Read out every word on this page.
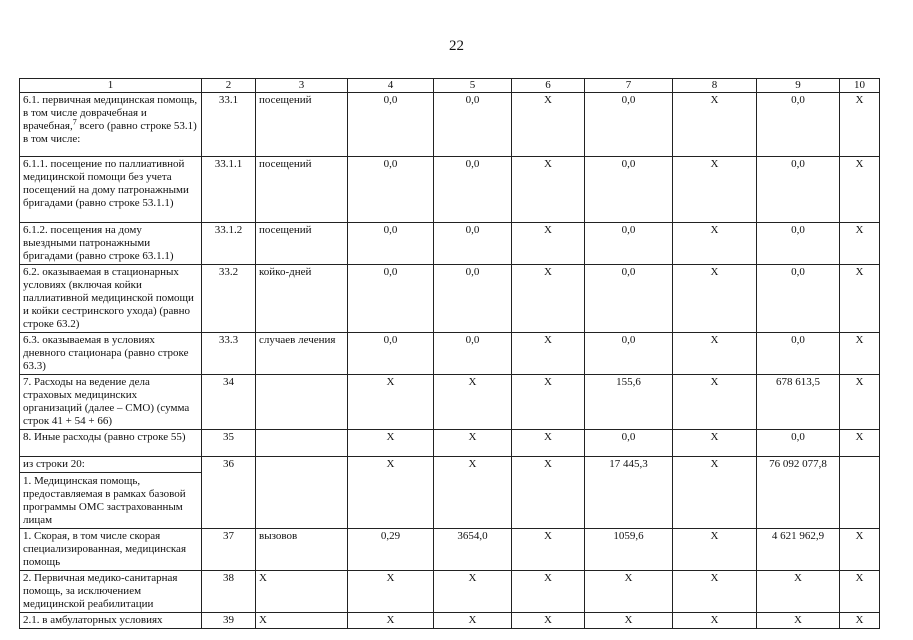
22
1	2	3	4	5	6	7	8	9	10
6.1. первичная медицинская помощь, в том числе доврачебная и врачебная,$^7$ всего (равно строке 53.1)
в том числе:	33.1	посещений	0,0	0,0	X	0,0	X	0,0	X
6.1.1. посещение по паллиативной медицинской помощи без учета посещений на дому патронажными бригадами (равно строке 53.1.1)	33.1.1	посещений	0,0	0,0	X	0,0	X	0,0	X
6.1.2. посещения на дому выездными патронажными бригадами (равно строке 63.1.1)	33.1.2	посещений	0,0	0,0	X	0,0	X	0,0	X
6.2. оказываемая в стационарных условиях (включая койки паллиативной медицинской помощи и койки сестринского ухода) (равно строке 63.2)	33.2	койко-дней	0,0	0,0	X	0,0	X	0,0	X
6.3. оказываемая в условиях дневного стационара (равно строке 63.3)	33.3	случаев лечения	0,0	0,0	X	0,0	X	0,0	X
7. Расходы на ведение дела страховых медицинских организаций (далее – СМО) (сумма строк 41 + 54 + 66)	34		X	X	X	155,6	X	678 613,5	X
8. Иные расходы (равно строке 55)	35		X	X	X	0,0	X	0,0	X

из строки 20:
1. Медицинская помощь, предоставляемая в рамках базовой программы ОМС застрахованным лицам	36		X	X	X	17 445,3	X	76 092 077,8	
1. Скорая, в том числе скорая специализированная, медицинская помощь	37	вызовов	0,29	3654,0	X	1059,6	X	4 621 962,9	X
2. Первичная медико-санитарная помощь, за исключением медицинской реабилитации	38	X	X	X	X	X	X	X	X
2.1. в амбулаторных условиях	39	X	X	X	X	X	X	X	X
